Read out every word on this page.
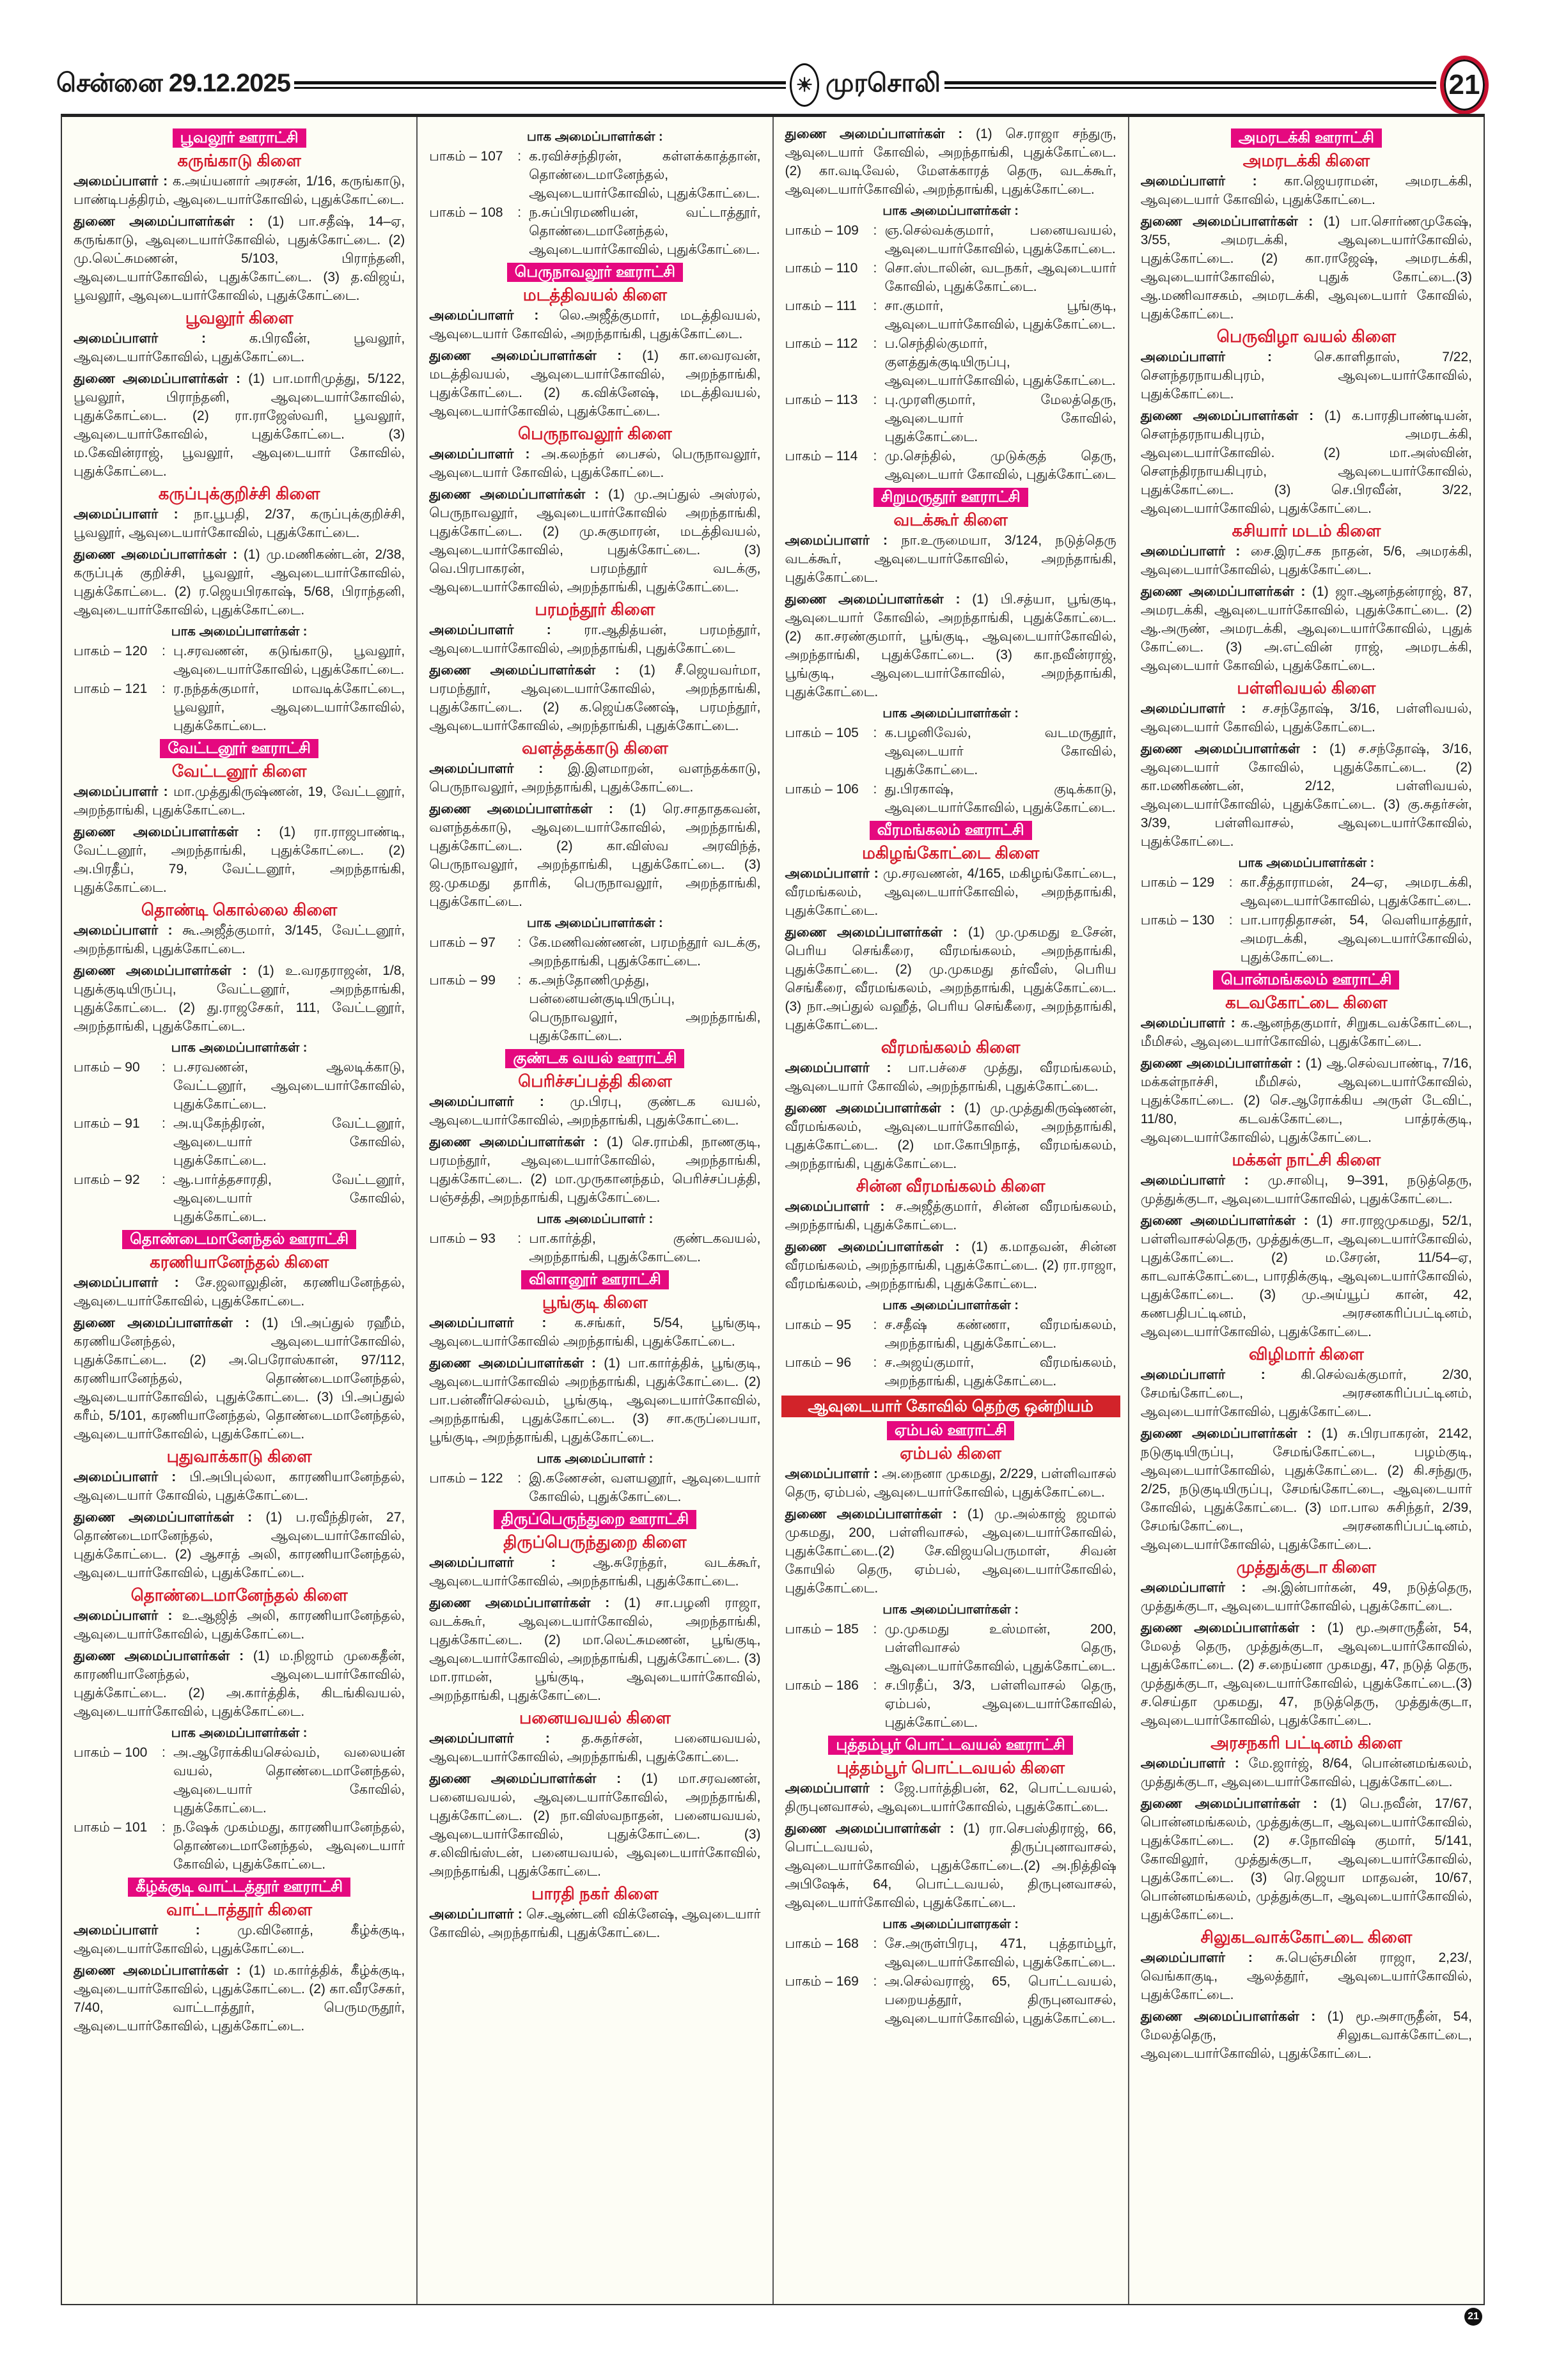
சென்னை 29.12.2025	☀ முரசொலி	21
பூவலூர் ஊராட்சி
கருங்காடு கிளை

அமைப்பாளர் : க.அய்யனார் அரசன், 1/16, கருங்காடு, பாண்டிபத்திரம், ஆவுடையார்கோவில், புதுக்கோட்டை.

துணை அமைப்பாளர்கள் : (1) பா.சதீஷ், 14–ஏ, கருங்காடு, ஆவுடையார்கோவில், புதுக்கோட்டை. (2) மு.லெட்சுமணன், 5/103, பிராந்தனி, ஆவுடையார்கோவில், புதுக்கோட்டை. (3) த.விஜய், பூவலூர், ஆவுடையார்கோவில், புதுக்கோட்டை.

பூவலூர் கிளை

அமைப்பாளர் :	க.பிரவீன், பூவலூர், ஆவுடையார்கோவில், புதுக்கோட்டை.

துணை அமைப்பாளர்கள் : (1) பா.மாரிமுத்து, 5/122, பூவலூர், பிராந்தனி, ஆவுடையார்கோவில், புதுக்கோட்டை. (2) ரா.ராஜேஸ்வரி, பூவலூர், ஆவுடையார்கோவில், புதுக்கோட்டை. (3) ம.கேவின்ராஜ், பூவலூர், ஆவுடையார் கோவில், புதுக்கோட்டை.

கருப்புக்குறிச்சி கிளை

அமைப்பாளர் : நா.பூபதி, 2/37, கருப்புக்குறிச்சி, பூவலூர், ஆவுடையார்கோவில், புதுக்கோட்டை.

துணை அமைப்பாளர்கள் : (1) மு.மணிகண்டன், 2/38, கருப்புக் குறிச்சி, பூவலூர், ஆவுடையார்கோவில், புதுக்கோட்டை. (2) ர.ஜெயபிரகாஷ், 5/68, பிராந்தனி, ஆவுடையார்கோவில், புதுக்கோட்டை.

பாக அமைப்பாளர்கள் :
பாகம் – 120	: பு.சரவணன், கடுங்காடு, பூவலூர், ஆவுடையார்கோவில், புதுக்கோட்டை.
பாகம் – 121	: ர.நந்தக்குமார், மாவடிக்கோட்டை, பூவலூர், ஆவுடையார்கோவில், புதுக்கோட்டை.
வேட்டனூர் ஊராட்சி
வேட்டனூர் கிளை

அமைப்பாளர் : மா.முத்துகிருஷ்ணன், 19, வேட்டனூர், அறந்தாங்கி, புதுக்கோட்டை.

துணை அமைப்பாளர்கள் : (1) ரா.ராஜபாண்டி, வேட்டனூர், அறந்தாங்கி, புதுக்கோட்டை. (2) அ.பிரதீப், 79, வேட்டனூர், அறந்தாங்கி, புதுக்கோட்டை.

தொண்டி கொல்லை கிளை

அமைப்பாளர் : கூ.அஜீத்குமார், 3/145, வேட்டனூர், அறந்தாங்கி, புதுக்கோட்டை.

துணை அமைப்பாளர்கள் : (1) உ.வரதராஜன், 1/8, புதுக்குடியிருப்பு, வேட்டனூர், அறந்தாங்கி, புதுக்கோட்டை. (2) து.ராஜசேகர், 111, வேட்டனூர், அறந்தாங்கி, புதுக்கோட்டை.

பாக அமைப்பாளர்கள் :
பாகம் – 90	: ப.சரவணன், ஆலடிக்காடு, வேட்டனூர், ஆவுடையார்கோவில், புதுக்கோட்டை.
பாகம் – 91	: அ.யுகேந்திரன், வேட்டனூர், ஆவுடையார் கோவில், புதுக்கோட்டை.
பாகம் – 92	: ஆ.பார்த்தசாரதி, வேட்டனூர், ஆவுடையார் கோவில், புதுக்கோட்டை.
தொண்டைமானேந்தல் ஊராட்சி
கரணியானேந்தல் கிளை

அமைப்பாளர் : சே.ஜலாலுதின், கரணியனேந்தல், ஆவுடையார்கோவில், புதுக்கோட்டை.

துணை அமைப்பாளர்கள் : (1) பி.அப்துல் ரஹீம், கரணியனேந்தல், ஆவுடையார்கோவில், புதுக்கோட்டை. (2) அ.பெரோஸ்கான், 97/112, கரணியானேந்தல், தொண்டைமானேந்தல், ஆவுடையார்கோவில், புதுக்கோட்டை. (3) பி.அப்துல் கரீம், 5/101, கரணியானேந்தல், தொண்டைமானேந்தல், ஆவுடையார்கோவில், புதுக்கோட்டை.

புதுவாக்காடு கிளை

அமைப்பாளர் : பி.அபிபுல்லா, காரணியானேந்தல், ஆவுடையார் கோவில், புதுக்கோட்டை.

துணை அமைப்பாளர்கள் : (1) ப.ரவீந்திரன், 27, தொண்டைமானேந்தல், ஆவுடையார்கோவில், புதுக்கோட்டை. (2) ஆசாத் அலி, காரணியானேந்தல், ஆவுடையார்கோவில், புதுக்கோட்டை.

தொண்டைமானேந்தல் கிளை

அமைப்பாளர் : உ.ஆஜித் அலி, காரணியானேந்தல், ஆவுடையார்கோவில், புதுக்கோட்டை.

துணை அமைப்பாளர்கள் : (1) ம.நிஜாம் முகைதீன், காரணியானேந்தல், ஆவுடையார்கோவில், புதுக்கோட்டை. (2) அ.கார்த்திக், கிடங்கிவயல், ஆவுடையார்கோவில், புதுக்கோட்டை.

பாக அமைப்பாளர்கள் :
பாகம் – 100	: அ.ஆரோக்கியசெல்வம், வலையன் வயல், தொண்டைமானேந்தல், ஆவுடையார் கோவில், புதுக்கோட்டை.
பாகம் – 101	: ந.ஷேக் முகம்மது, காரணியானேந்தல், தொண்டைமானேந்தல், ஆவுடையார் கோவில், புதுக்கோட்டை.
கீழ்க்குடி வாட்டத்தூர் ஊராட்சி
வாட்டாத்தூர் கிளை

அமைப்பாளர் :	மு.வினோத், கீழ்க்குடி, ஆவுடையார்கோவில், புதுக்கோட்டை.

துணை அமைப்பாளர்கள் : (1) ம.கார்த்திக், கீழ்க்குடி, ஆவுடையார்கோவில், புதுக்கோட்டை. (2) கா.வீரசேகர், 7/40, வாட்டாத்தூர், பெருமருதூர், ஆவுடையார்கோவில், புதுக்கோட்டை.

பாக அமைப்பாளர்கள் :
பாகம் – 107	: க.ரவிச்சந்திரன், கள்ளக்காத்தான், தொண்டைமானேந்தல், ஆவுடையார்கோவில், புதுக்கோட்டை.
பாகம் – 108	: ந.சுப்பிரமணியன், வட்டாத்தூர், தொண்டைமானேந்தல், ஆவுடையார்கோவில், புதுக்கோட்டை.
பெருநாவலூர் ஊராட்சி
மடத்திவயல் கிளை

அமைப்பாளர் : லெ.அஜீத்குமார், மடத்திவயல், ஆவுடையார் கோவில், அறந்தாங்கி, புதுக்கோட்டை.

துணை அமைப்பாளர்கள் : (1) கா.வைரவன், மடத்திவயல், ஆவுடையார்கோவில், அறந்தாங்கி, புதுக்கோட்டை. (2) க.விக்னேஷ், மடத்திவயல், ஆவுடையார்கோவில், புதுக்கோட்டை.

பெருநாவலூர் கிளை

அமைப்பாளர் : அ.கலந்தர் பைசல், பெருநாவலூர், ஆவுடையார் கோவில், புதுக்கோட்டை.

துணை அமைப்பாளர்கள் : (1) மு.அப்துல் அஸ்ரல், பெருநாவலூர், ஆவுடையார்கோவில் அறந்தாங்கி, புதுக்கோட்டை. (2) மு.சுகுமாரன், மடத்திவயல், ஆவுடையார்கோவில், புதுக்கோட்டை. (3) வெ.பிரபாகரன், பரமந்தூர் வடக்கு, ஆவுடையார்கோவில், அறந்தாங்கி, புதுக்கோட்டை.

பரமந்தூர் கிளை

அமைப்பாளர் : ரா.ஆதித்யன், பரமந்தூர், ஆவுடையார்கோவில், அறந்தாங்கி, புதுக்கோட்டை

துணை அமைப்பாளர்கள் : (1) சீ.ஜெயவர்மா, பரமந்தூர், ஆவுடையார்கோவில், அறந்தாங்கி, புதுக்கோட்டை. (2) க.ஜெய்கணேஷ், பரமந்தூர், ஆவுடையார்கோவில், அறந்தாங்கி, புதுக்கோட்டை.

வளத்தக்காடு கிளை

அமைப்பாளர் : இ.இளமாறன், வளந்தக்காடு, பெருநாவலூர், அறந்தாங்கி, புதுக்கோட்டை.

துணை அமைப்பாளர்கள் : (1) ரெ.சாதாதகவன், வளந்தக்காடு, ஆவுடையார்கோவில், அறந்தாங்கி, புதுக்கோட்டை. (2) கா.விஸ்வ அரவிந்த், பெருநாவலூர், அறந்தாங்கி, புதுக்கோட்டை. (3) ஜ.முகமது தாரிக், பெருநாவலூர், அறந்தாங்கி, புதுக்கோட்டை.

பாக அமைப்பாளர்கள் :
பாகம் – 97	: கே.மணிவண்ணன், பரமந்தூர் வடக்கு, அறந்தாங்கி, புதுக்கோட்டை.
பாகம் – 99	: க.அந்தோணிமுத்து, பன்னையன்குடியிருப்பு, பெருநாவலூர், அறந்தாங்கி, புதுக்கோட்டை.
குண்டக வயல் ஊராட்சி
பெரிச்சப்பத்தி கிளை

அமைப்பாளர் : மு.பிரபு, குண்டக வயல், ஆவுடையார்கோவில், அறந்தாங்கி, புதுக்கோட்டை.

துணை அமைப்பாளர்கள் : (1) செ.ராம்கி, நாணகுடி, பரமந்தூர், ஆவுடையார்கோவில், அறந்தாங்கி, புதுக்கோட்டை. (2) மா.முருகானந்தம், பெரிச்சப்பத்தி, பஞ்சத்தி, அறந்தாங்கி, புதுக்கோட்டை.

பாக அமைப்பாளர் :
பாகம் – 93	: பா.கார்த்தி, குண்டகவயல், அறந்தாங்கி, புதுக்கோட்டை.
விளானூர் ஊராட்சி
பூங்குடி கிளை

அமைப்பாளர் : க.சங்கர், 5/54, பூங்குடி, ஆவுடையார்கோவில் அறந்தாங்கி, புதுக்கோட்டை.

துணை அமைப்பாளர்கள் : (1) பா.கார்த்திக், பூங்குடி, ஆவுடையார்கோவில் அறந்தாங்கி, புதுக்கோட்டை. (2) பா.பன்னீர்செல்வம், பூங்குடி, ஆவுடையார்கோவில், அறந்தாங்கி, புதுக்கோட்டை. (3) சா.கருப்பையா, பூங்குடி, அறந்தாங்கி, புதுக்கோட்டை.

பாக அமைப்பாளர் :
பாகம் – 122	: இ.கணேசன், வளயனூர், ஆவுடையார் கோவில், புதுக்கோட்டை.
திருப்பெருந்துறை ஊராட்சி
திருப்பெருந்துறை கிளை

அமைப்பாளர் :	ஆ.சுரேந்தர், வடக்கூர், ஆவுடையார்கோவில், அறந்தாங்கி, புதுக்கோட்டை.

துணை அமைப்பாளர்கள் : (1) சா.பழனி ராஜா, வடக்கூர், ஆவுடையார்கோவில், அறந்தாங்கி, புதுக்கோட்டை. (2) மா.லெட்சுமணன், பூங்குடி, ஆவுடையார்கோவில், அறந்தாங்கி, புதுக்கோட்டை. (3) மா.ராமன், பூங்குடி, ஆவுடையார்கோவில், அறந்தாங்கி, புதுக்கோட்டை.

பனையவயல் கிளை

அமைப்பாளர் : த.சுதர்சன், பனையவயல், ஆவுடையார்கோவில், அறந்தாங்கி, புதுக்கோட்டை.

துணை அமைப்பாளர்கள் : (1) மா.சரவணன், பனையவயல், ஆவுடையார்கோவில், அறந்தாங்கி, புதுக்கோட்டை. (2) நா.விஸ்வநாதன், பனையவயல், ஆவுடையார்கோவில், புதுக்கோட்டை. (3) ச.லிவிங்ஸ்டன், பனையவயல், ஆவுடையார்கோவில், அறந்தாங்கி, புதுக்கோட்டை.

பாரதி நகர் கிளை

அமைப்பாளர் : செ.ஆண்டனி விக்னேஷ், ஆவுடையார் கோவில், அறந்தாங்கி, புதுக்கோட்டை.

துணை அமைப்பாளர்கள் : (1) செ.ராஜா சந்துரு, ஆவுடையார் கோவில், அறந்தாங்கி, புதுக்கோட்டை. (2) கா.வடிவேல், மேளக்காரத் தெரு, வடக்கூர், ஆவுடையார்கோவில், அறந்தாங்கி, புதுக்கோட்டை.

பாக அமைப்பாளர்கள் :
பாகம் – 109	: ஞ.செல்வக்குமார், பனையவயல், ஆவுடையார்கோவில், புதுக்கோட்டை.
பாகம் – 110	: சொ.ஸ்டாலின், வடநகர், ஆவுடையார் கோவில், புதுக்கோட்டை.
பாகம் – 111	: சா.குமார், பூங்குடி, ஆவுடையார்கோவில், புதுக்கோட்டை.
பாகம் – 112	: ப.செந்தில்குமார், குளத்துக்குடியிருப்பு, ஆவுடையார்கோவில், புதுக்கோட்டை.
பாகம் – 113	: பு.முரளிகுமார், மேலத்தெரு, ஆவுடையார் கோவில், புதுக்கோட்டை.
பாகம் – 114	: மு.செந்தில், முடுக்குத் தெரு, ஆவுடையார் கோவில், புதுக்கோட்டை
சிறுமருதூர் ஊராட்சி
வடக்கூர் கிளை

அமைப்பாளர் : நா.உருமையா, 3/124, நடுத்தெரு வடக்கூர், ஆவுடையார்கோவில், அறந்தாங்கி, புதுக்கோட்டை.

துணை அமைப்பாளர்கள் : (1) பி.சத்யா, பூங்குடி, ஆவுடையார் கோவில், அறந்தாங்கி, புதுக்கோட்டை. (2) கா.சரண்குமார், பூங்குடி, ஆவுடையார்கோவில், அறந்தாங்கி, புதுக்கோட்டை. (3) கா.நவீன்ராஜ், பூங்குடி, ஆவுடையார்கோவில், அறந்தாங்கி, புதுக்கோட்டை.

பாக அமைப்பாளர்கள் :
பாகம் – 105	: க.பழனிவேல், வடமருதூர், ஆவுடையார் கோவில், புதுக்கோட்டை.
பாகம் – 106	: து.பிரகாஷ், குடிக்காடு, ஆவுடையார்கோவில், புதுக்கோட்டை.
வீரமங்கலம் ஊராட்சி
மகிழங்கோட்டை கிளை

அமைப்பாளர் : மு.சரவணன், 4/165, மகிழங்கோட்டை, வீரமங்கலம், ஆவுடையார்கோவில், அறந்தாங்கி, புதுக்கோட்டை.

துணை அமைப்பாளர்கள் : (1) மு.முகமது உசேன், பெரிய செங்கீரை, வீரமங்கலம், அறந்தாங்கி, புதுக்கோட்டை. (2) மு.முகமது தர்வீஸ், பெரிய செங்கீரை, வீரமங்கலம், அறந்தாங்கி, புதுக்கோட்டை. (3) நா.அப்துல் வஹீத், பெரிய செங்கீரை, அறந்தாங்கி, புதுக்கோட்டை.

வீரமங்கலம் கிளை

அமைப்பாளர் : பா.பச்சை முத்து, வீரமங்கலம், ஆவுடையார் கோவில், அறந்தாங்கி, புதுக்கோட்டை.

துணை அமைப்பாளர்கள் : (1) மு.முத்துகிருஷ்ணன், வீரமங்கலம், ஆவுடையார்கோவில், அறந்தாங்கி, புதுக்கோட்டை. (2) மா.கோபிநாத், வீரமங்கலம், அறந்தாங்கி, புதுக்கோட்டை.

சின்ன வீரமங்கலம் கிளை

அமைப்பாளர் : ச.அஜீத்குமார், சின்ன வீரமங்கலம், அறந்தாங்கி, புதுக்கோட்டை.

துணை அமைப்பாளர்கள் : (1) க.மாதவன், சின்ன வீரமங்கலம், அறந்தாங்கி, புதுக்கோட்டை. (2) ரா.ராஜா, வீரமங்கலம், அறந்தாங்கி, புதுக்கோட்டை.

பாக அமைப்பாளர்கள் :
பாகம் – 95	: ச.சதீஷ் கண்ணா, வீரமங்கலம், அறந்தாங்கி, புதுக்கோட்டை.
பாகம் – 96	: ச.அஜய்குமார், வீரமங்கலம், அறந்தாங்கி, புதுக்கோட்டை.
ஆவுடையார் கோவில் தெற்கு ஒன்றியம்
ஏம்பல் ஊராட்சி
ஏம்பல் கிளை

அமைப்பாளர் : அ.நைனா முகமது, 2/229, பள்ளிவாசல் தெரு, ஏம்பல், ஆவுடையார்கோவில், புதுக்கோட்டை.

துணை அமைப்பாளர்கள் : (1) மு.அல்காஜ் ஜமால் முகமது, 200, பள்ளிவாசல், ஆவுடையார்கோவில், புதுக்கோட்டை.(2) சே.விஜயபெருமாள், சிவன் கோயில் தெரு, ஏம்பல், ஆவுடையார்கோவில், புதுக்கோட்டை.

பாக அமைப்பாளர்கள் :
பாகம் – 185	: மு.முகமது உஸ்மான், 200, பள்ளிவாசல் தெரு, ஆவுடையார்கோவில், புதுக்கோட்டை.
பாகம் – 186	: ச.பிரதீப், 3/3, பள்ளிவாசல் தெரு, ஏம்பல், ஆவுடையார்கோவில், புதுக்கோட்டை.
புத்தம்பூர் பொட்டவயல் ஊராட்சி
புத்தம்பூர் பொட்டவயல் கிளை

அமைப்பாளர் : ஜே.பார்த்திபன், 62, பொட்டவயல், திருபுனவாசல், ஆவுடையார்கோவில், புதுக்கோட்டை.

துணை அமைப்பாளர்கள் : (1) ரா.செபஸ்திராஜ், 66, பொட்டவயல், திருப்புனாவாசல், ஆவுடையார்கோவில், புதுக்கோட்டை.(2) அ.நித்திஷ் அபிஷேக், 64, பொட்டவயல், திருபுனவாசல், ஆவுடையார்கோவில், புதுக்கோட்டை.

பாக அமைப்பாளரகள் :
பாகம் – 168	: சே.அருள்பிரபு, 471, புத்தாம்பூர், ஆவுடையார்கோவில், புதுக்கோட்டை.
பாகம் – 169	: அ.செல்வராஜ், 65, பொட்டவயல், பறையத்தூர், திருபுனவாசல், ஆவுடையார்கோவில், புதுக்கோட்டை.
அமரடக்கி ஊராட்சி
அமரடக்கி கிளை

அமைப்பாளர் : கா.ஜெயராமன், அமரடக்கி, ஆவுடையார் கோவில், புதுக்கோட்டை.

துணை அமைப்பாளர்கள் : (1) பா.சொர்ணமுகேஷ், 3/55, அமரடக்கி, ஆவுடையார்கோவில், புதுக்கோட்டை. (2) கா.ராஜேஷ், அமரடக்கி, ஆவுடையார்கோவில், புதுக் கோட்டை.(3) ஆ.மணிவாசகம், அமரடக்கி, ஆவுடையார் கோவில், புதுக்கோட்டை.

பெருவிழா வயல் கிளை

அமைப்பாளர் :	செ.காளிதாஸ், 7/22, சௌந்தரநாயகிபுரம், ஆவுடையார்கோவில், புதுக்கோட்டை.

துணை அமைப்பாளர்கள் : (1) க.பாரதிபாண்டியன், சௌந்தரநாயகிபுரம், அமரடக்கி, ஆவுடையார்கோவில். (2) மா.அஸ்வின், சௌந்திரநாயகிபுரம், ஆவுடையார்கோவில், புதுக்கோட்டை. (3) செ.பிரவீன், 3/22, ஆவுடையார்கோவில், புதுக்கோட்டை.

கசியார் மடம் கிளை

அமைப்பாளர் : சை.இரட்சக நாதன், 5/6, அமரக்கி, ஆவுடையார்கோவில், புதுக்கோட்டை.

துணை அமைப்பாளர்கள் : (1) ஜா.ஆனந்தன்ராஜ், 87, அமரடக்கி, ஆவுடையார்கோவில், புதுக்கோட்டை. (2) ஆ.அருண், அமரடக்கி, ஆவுடையார்கோவில், புதுக் கோட்டை. (3) அ.எட்வின் ராஜ், அமரடக்கி, ஆவுடையார் கோவில், புதுக்கோட்டை.

பள்ளிவயல் கிளை

அமைப்பாளர் : ச.சந்தோஷ், 3/16, பள்ளிவயல், ஆவுடையார் கோவில், புதுக்கோட்டை.

துணை அமைப்பாளர்கள் : (1) ச.சந்தோஷ், 3/16, ஆவுடையார் கோவில், புதுக்கோட்டை. (2) கா.மணிகண்டன், 2/12, பள்ளிவயல், ஆவுடையார்கோவில், புதுக்கோட்டை. (3) கு.சுதர்சன், 3/39, பள்ளிவாசல், ஆவுடையார்கோவில், புதுக்கோட்டை.

பாக அமைப்பாளர்கள் :
பாகம் – 129	: கா.சீத்தாராமன், 24–ஏ, அமரடக்கி, ஆவுடையார்கோவில், புதுக்கோட்டை.
பாகம் – 130	: பா.பாரதிதாசன், 54, வெளியாத்தூர், அமரடக்கி, ஆவுடையார்கோவில், புதுக்கோட்டை.
பொன்மங்கலம் ஊராட்சி
கடவகோட்டை கிளை

அமைப்பாளர் : க.ஆனந்தகுமார், சிறுகடவக்கோட்டை, மீமிசல், ஆவுடையார்கோவில், புதுக்கோட்டை.

துணை அமைப்பாளர்கள் : (1) ஆ.செல்வபாண்டி, 7/16, மக்கள்நாச்சி, மீமிசல், ஆவுடையார்கோவில், புதுக்கோட்டை. (2) செ.ஆரோக்கிய அருள் டேவிட், 11/80, கடவக்கோட்டை, பாத்ரக்குடி, ஆவுடையார்கோவில், புதுக்கோட்டை.

மக்கள் நாட்சி கிளை

அமைப்பாளர் : மு.சாலிபு, 9–391, நடுத்தெரு, முத்துக்குடா, ஆவுடையார்கோவில், புதுக்கோட்டை.

துணை அமைப்பாளர்கள் : (1) சா.ராஜமுகமது, 52/1, பள்ளிவாசல்தெரு, முத்துக்குடா, ஆவுடையார்கோவில், புதுக்கோட்டை. (2) ம.சேரன், 11/54–ஏ, காடவாக்கோட்டை, பாரதிக்குடி, ஆவுடையார்கோவில், புதுக்கோட்டை. (3) மு.அய்யூப் கான், 42, கணபதிபட்டினம், அரசனகரிப்பட்டினம், ஆவுடையார்கோவில், புதுக்கோட்டை.

விழிமார் கிளை

அமைப்பாளர் :	கி.செல்வக்குமார், 2/30, சேமங்கோட்டை, அரசனகரிப்பட்டினம், ஆவுடையார்கோவில், புதுக்கோட்டை.

துணை அமைப்பாளர்கள் : (1) சு.பிரபாகரன், 2142, நடுகுடியிருப்பு, சேமங்கோட்டை, பழம்குடி, ஆவுடையார்கோவில், புதுக்கோட்டை. (2) கி.சந்துரு, 2/25, நடுகுடியிருப்பு, சேமங்கோட்டை, ஆவுடையார் கோவில், புதுக்கோட்டை. (3) மா.பால சுசிந்தர், 2/39, சேமங்கோட்டை, அரசனகரிப்பட்டினம், ஆவுடையார்கோவில், புதுக்கோட்டை.

முத்துக்குடா கிளை

அமைப்பாளர் : அ.இன்பார்கன், 49, நடுத்தெரு, முத்துக்குடா, ஆவுடையார்கோவில், புதுக்கோட்டை.

துணை அமைப்பாளர்கள் : (1) மூ.அசாருதீன், 54, மேலத் தெரு, முத்துக்குடா, ஆவுடையார்கோவில், புதுக்கோட்டை. (2) ச.நைய்னா முகமது, 47, நடுத் தெரு, முத்துக்குடா, ஆவுடையார்கோவில், புதுக்கோட்டை.(3) ச.செய்தா முகமது, 47, நடுத்தெரு, முத்துக்குடா, ஆவுடையார்கோவில், புதுக்கோட்டை.

அரசநகரி பட்டினம் கிளை

அமைப்பாளர் : மே.ஜார்ஜ், 8/64, பொன்னமங்கலம், முத்துக்குடா, ஆவுடையார்கோவில், புதுக்கோட்டை.

துணை அமைப்பாளர்கள் : (1) பெ.நவீன், 17/67, பொன்னமங்கலம், முத்துக்குடா, ஆவுடையார்கோவில், புதுக்கோட்டை. (2) ச.நோவிஷ் குமார், 5/141, கோவிலூர், முத்துக்குடா, ஆவுடையார்கோவில், புதுக்கோட்டை. (3) ரெ.ஜெயா மாதவன், 10/67, பொன்னமங்கலம், முத்துக்குடா, ஆவுடையார்கோவில், புதுக்கோட்டை.

சிலுகடவாக்கோட்டை கிளை

அமைப்பாளர் : சு.பெஞ்சமின் ராஜா, 2,23/, வெங்காகுடி, ஆலத்தூர், ஆவுடையார்கோவில், புதுக்கோட்டை.

துணை அமைப்பாளர்கள் : (1) மூ.அசாருதீன், 54, மேலத்தெரு, சிலுகடவாக்கோட்டை, ஆவுடையார்கோவில், புதுக்கோட்டை.

21
